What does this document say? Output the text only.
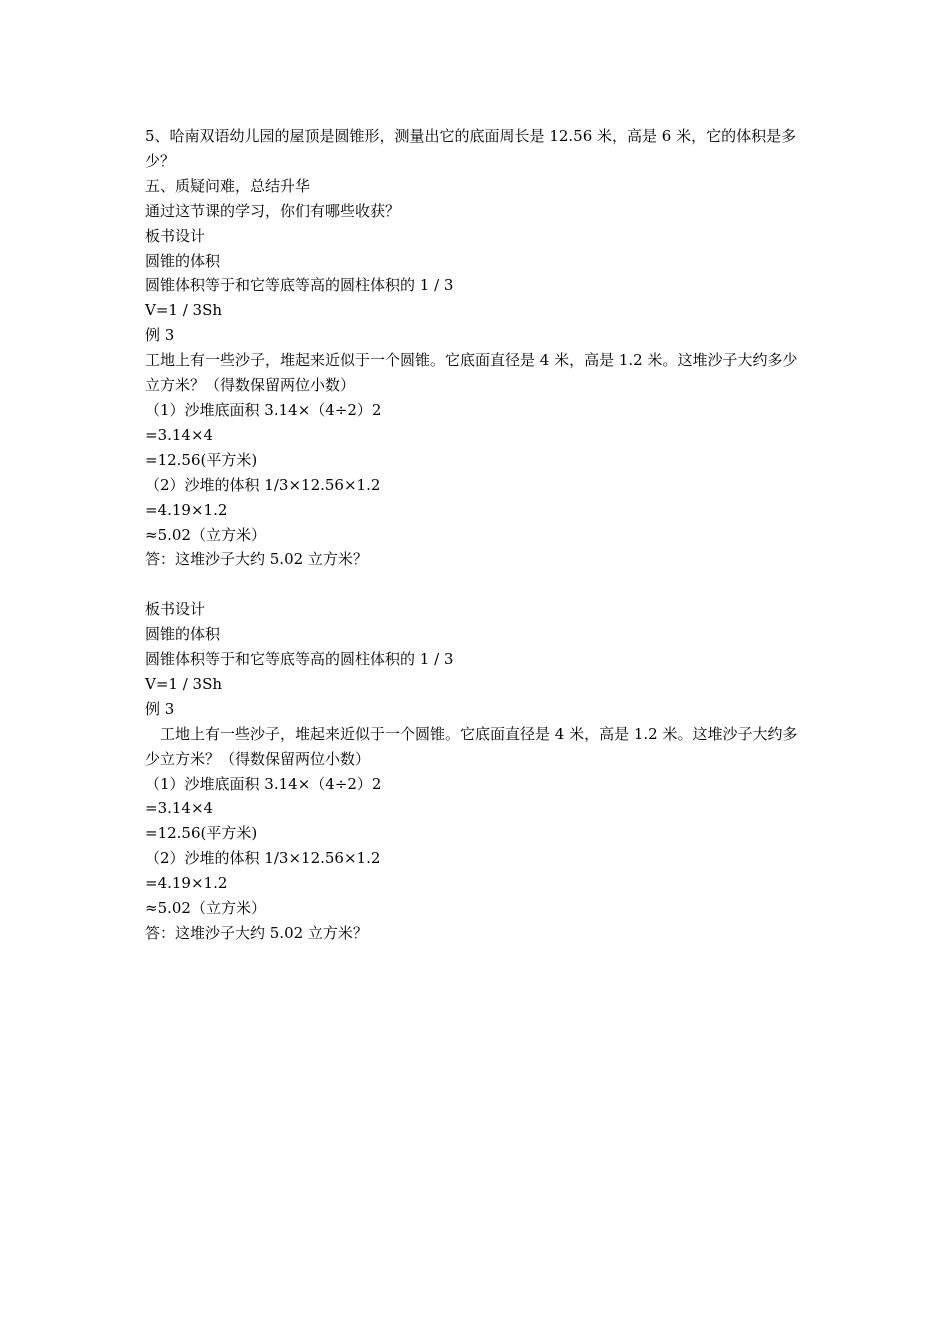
5、哈南双语幼儿园的屋顶是圆锥形，测量出它的底面周长是 12.56 米，高是 6 米，它的体积是多少？

五、质疑问难，总结升华

通过这节课的学习，你们有哪些收获？

板书设计

圆锥的体积

圆锥体积等于和它等底等高的圆柱体积的 1 / 3

V=1 / 3Sh

例 3

工地上有一些沙子，堆起来近似于一个圆锥。它底面直径是 4 米，高是 1.2 米。这堆沙子大约多少立方米？（得数保留两位小数）

（1）沙堆底面积 3.14×（4÷2）2

=3.14×4

=12.56(平方米)

（2）沙堆的体积 1/3×12.56×1.2

=4.19×1.2

≈5.02（立方米）

答：这堆沙子大约 5.02 立方米？

板书设计

圆锥的体积

圆锥体积等于和它等底等高的圆柱体积的 1 / 3

V=1 / 3Sh

例 3

工地上有一些沙子，堆起来近似于一个圆锥。它底面直径是 4 米，高是 1.2 米。这堆沙子大约多少立方米？（得数保留两位小数）

（1）沙堆底面积 3.14×（4÷2）2

=3.14×4

=12.56(平方米)

（2）沙堆的体积 1/3×12.56×1.2

=4.19×1.2

≈5.02（立方米）

答：这堆沙子大约 5.02 立方米？
